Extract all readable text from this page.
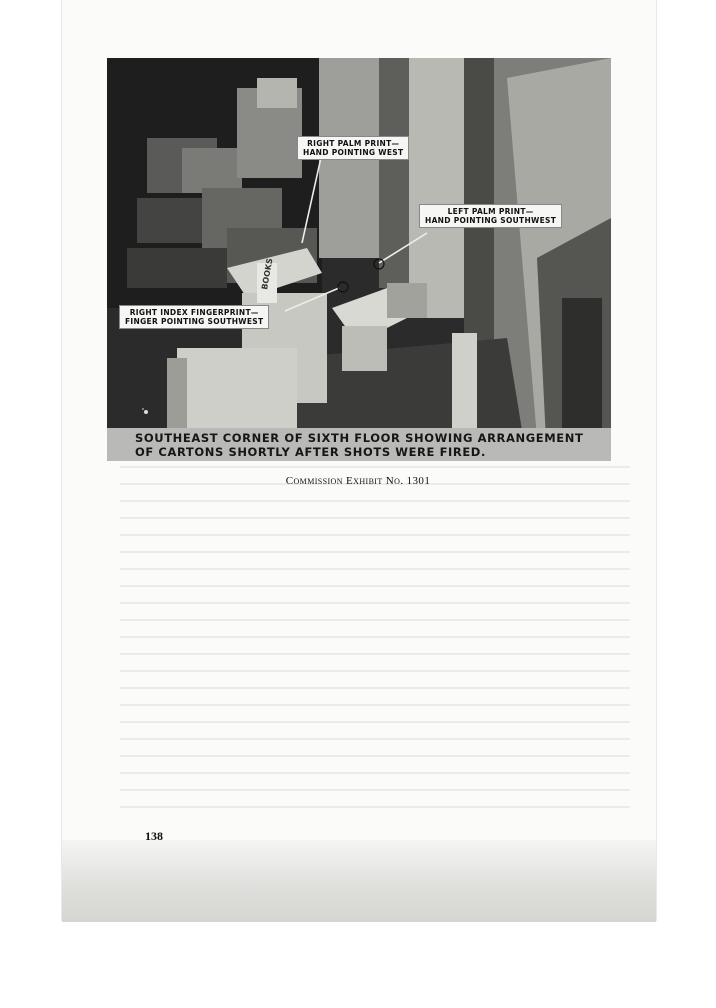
BOOKS
RIGHT PALM PRINT—
HAND POINTING WEST
LEFT PALM PRINT—
HAND POINTING SOUTHWEST
RIGHT INDEX FINGERPRINT—
FINGER POINTING SOUTHWEST
SOUTHEAST CORNER OF SIXTH FLOOR SHOWING ARRANGEMENT
OF CARTONS SHORTLY AFTER SHOTS WERE FIRED.
Commission Exhibit No. 1301
138
